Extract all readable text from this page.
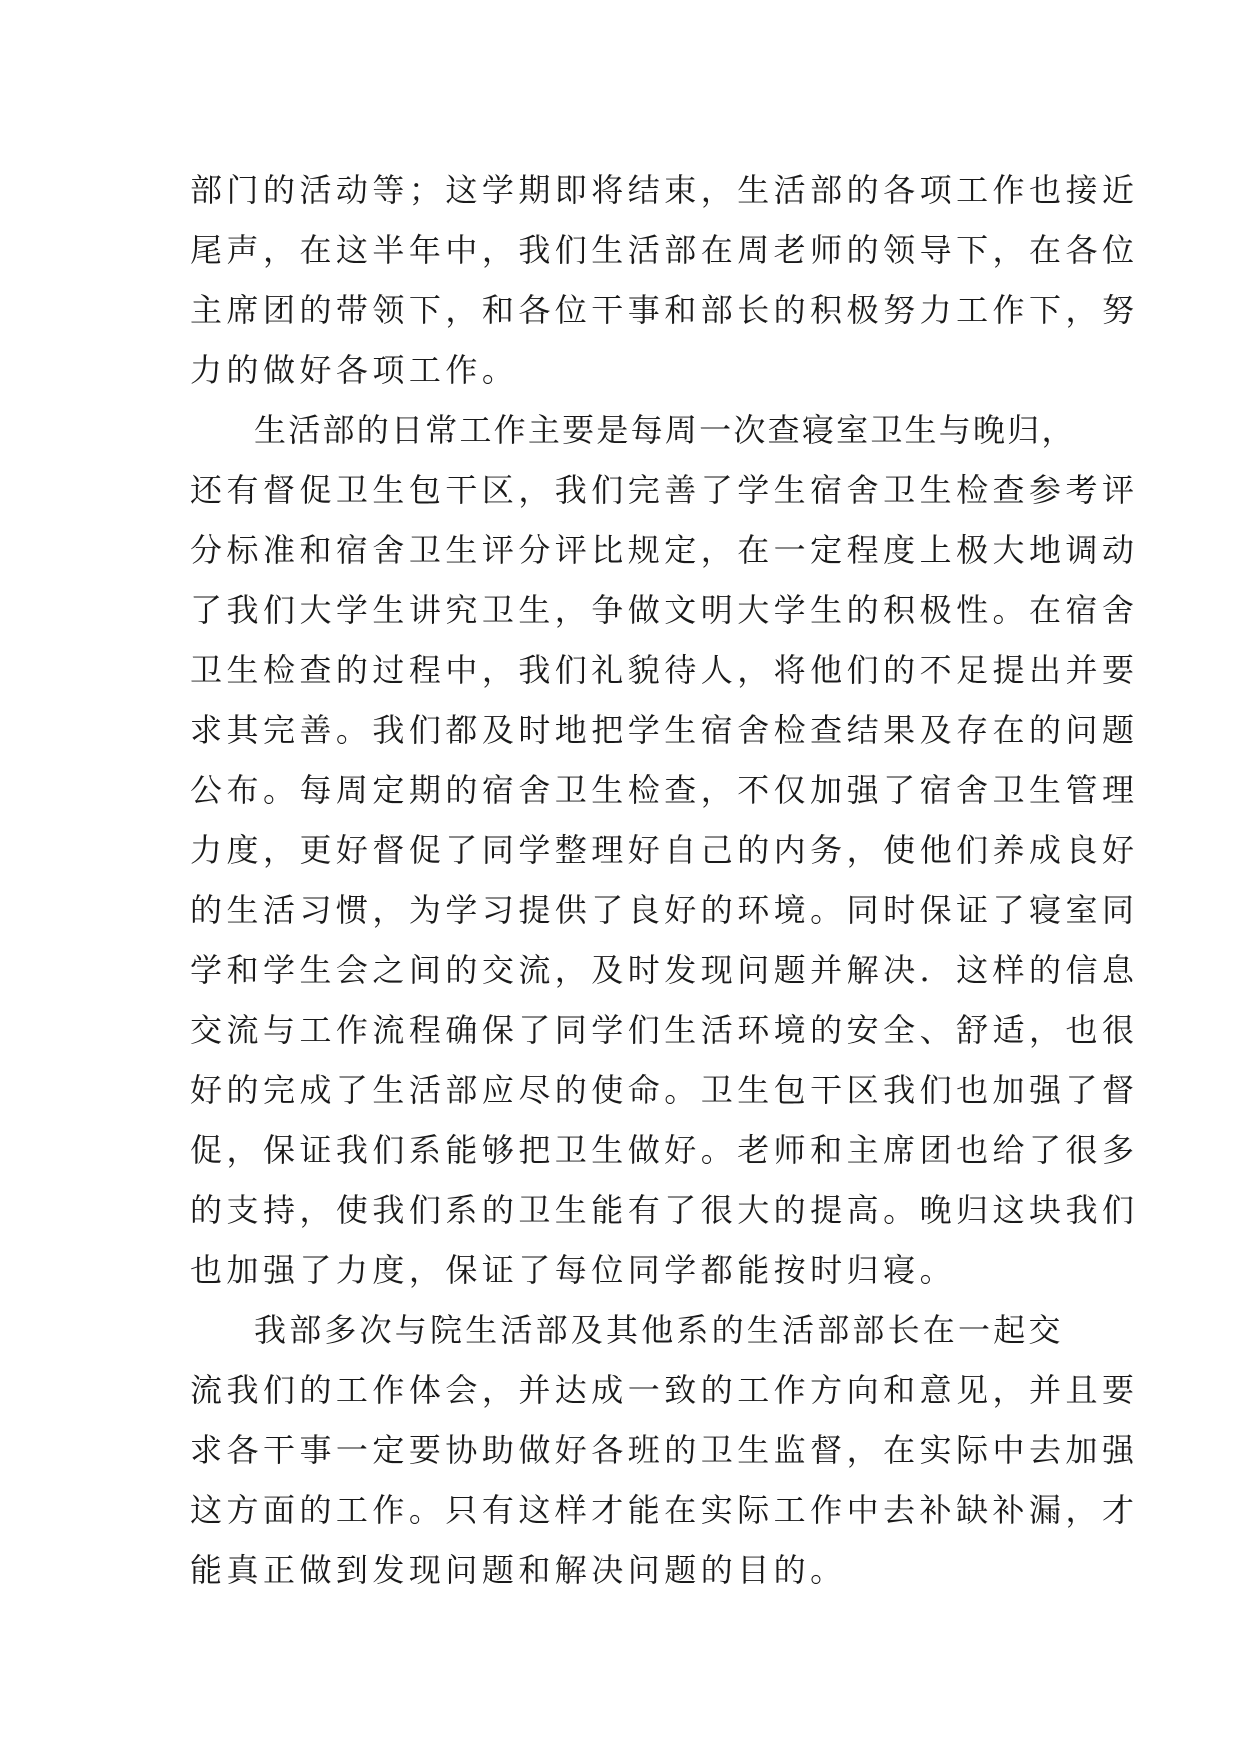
部门的活动等；这学期即将结束，生活部的各项工作也接近
尾声，在这半年中，我们生活部在周老师的领导下，在各位
主席团的带领下，和各位干事和部长的积极努力工作下，努
力的做好各项工作。
生活部的日常工作主要是每周一次查寝室卫生与晚归，
还有督促卫生包干区，我们完善了学生宿舍卫生检查参考评
分标准和宿舍卫生评分评比规定，在一定程度上极大地调动
了我们大学生讲究卫生，争做文明大学生的积极性。在宿舍
卫生检查的过程中，我们礼貌待人，将他们的不足提出并要
求其完善。我们都及时地把学生宿舍检查结果及存在的问题
公布。每周定期的宿舍卫生检查，不仅加强了宿舍卫生管理
力度，更好督促了同学整理好自己的内务，使他们养成良好
的生活习惯，为学习提供了良好的环境。同时保证了寝室同
学和学生会之间的交流，及时发现问题并解决．这样的信息
交流与工作流程确保了同学们生活环境的安全、舒适，也很
好的完成了生活部应尽的使命。卫生包干区我们也加强了督
促，保证我们系能够把卫生做好。老师和主席团也给了很多
的支持，使我们系的卫生能有了很大的提高。晚归这块我们
也加强了力度，保证了每位同学都能按时归寝。
我部多次与院生活部及其他系的生活部部长在一起交
流我们的工作体会，并达成一致的工作方向和意见，并且要
求各干事一定要协助做好各班的卫生监督，在实际中去加强
这方面的工作。只有这样才能在实际工作中去补缺补漏，才
能真正做到发现问题和解决问题的目的。
